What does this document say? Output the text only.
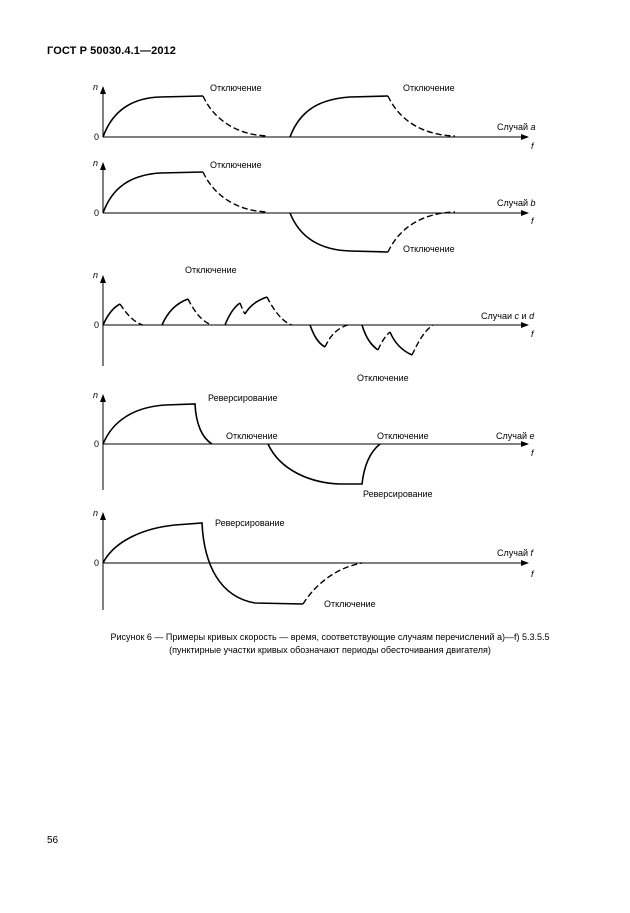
ГОСТ Р 50030.4.1—2012
n
0
f
Отключение	Отключение
Случай a
n
0
f
Отключение
Отключение
Случай b
n
0
f
Отключение
Отключение
Случаи c и d
n
0
f
Реверсирование
Отключение	Отключение
Реверсирование
Случай e
n
0
f
Реверсирование
Отключение
Случай f
Рисунок 6 — Примеры кривых скорость — время, соответствующие случаям перечислений a)—f) 5.3.5.5
(пунктирные участки кривых обозначают периоды обесточивания двигателя)
56
